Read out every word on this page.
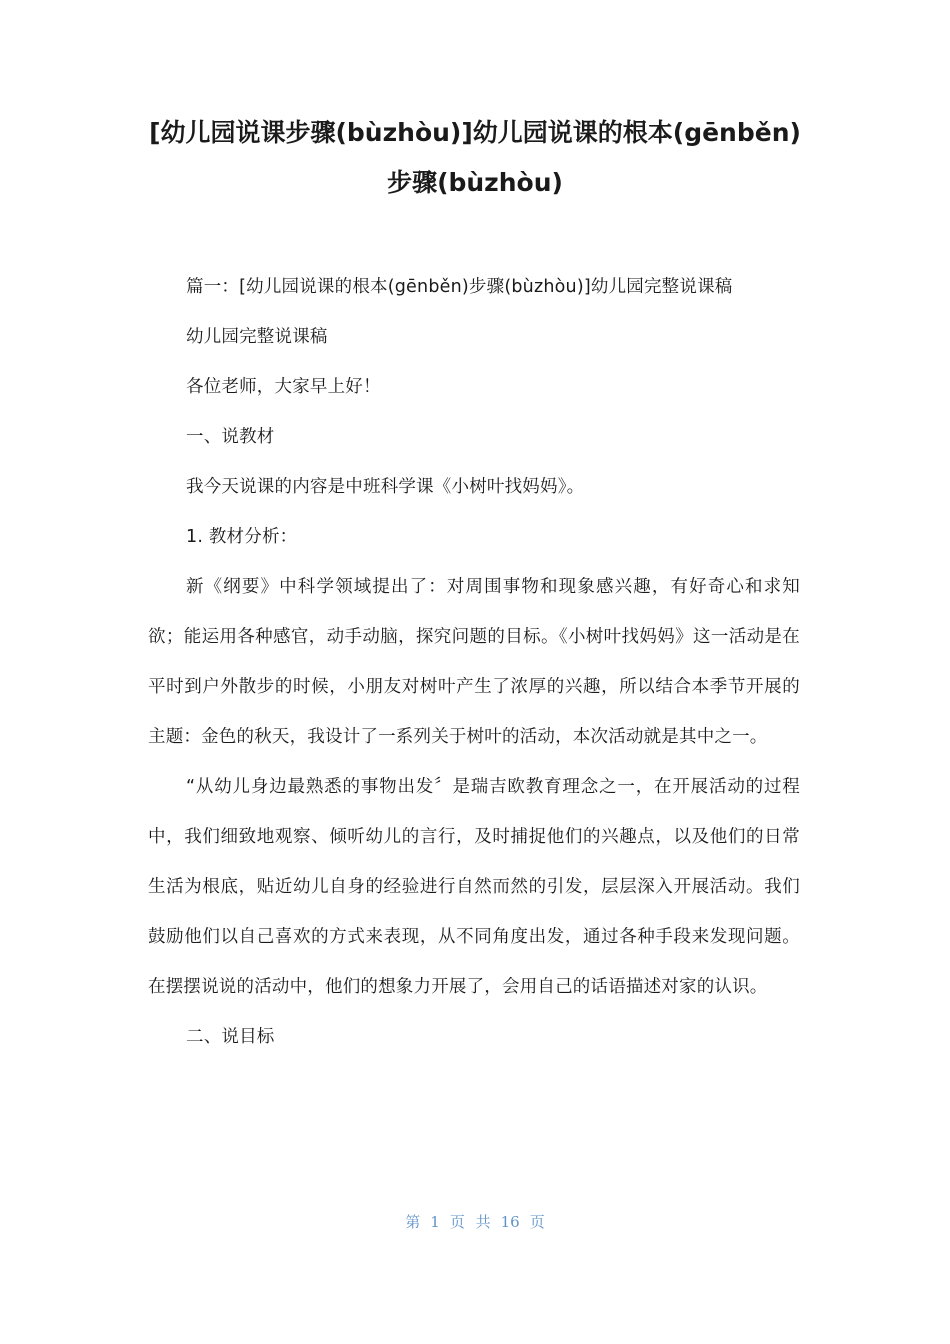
[幼儿园说课步骤(bùzhòu)]幼儿园说课的根本(gēnběn)
步骤(bùzhòu)

篇一：[幼儿园说课的根本(gēnběn)步骤(bùzhòu)]幼儿园完整说课稿

幼儿园完整说课稿

各位老师，大家早上好！

一、说教材

我今天说课的内容是中班科学课《小树叶找妈妈》。

1. 教材分析：

新《纲要》中科学领域提出了：对周围事物和现象感兴趣，有好奇心和求知欲；能运用各种感官，动手动脑，探究问题的目标。《小树叶找妈妈》这一活动是在平时到户外散步的时候，小朋友对树叶产生了浓厚的兴趣，所以结合本季节开展的主题：金色的秋天，我设计了一系列关于树叶的活动，本次活动就是其中之一。

“从幼儿身边最熟悉的事物出发〞是瑞吉欧教育理念之一，在开展活动的过程中，我们细致地观察、倾听幼儿的言行，及时捕捉他们的兴趣点，以及他们的日常生活为根底，贴近幼儿自身的经验进行自然而然的引发，层层深入开展活动。我们鼓励他们以自己喜欢的方式来表现，从不同角度出发，通过各种手段来发现问题。在摆摆说说的活动中，他们的想象力开展了，会用自己的话语描述对家的认识。

二、说目标

第 1 页 共 16 页
